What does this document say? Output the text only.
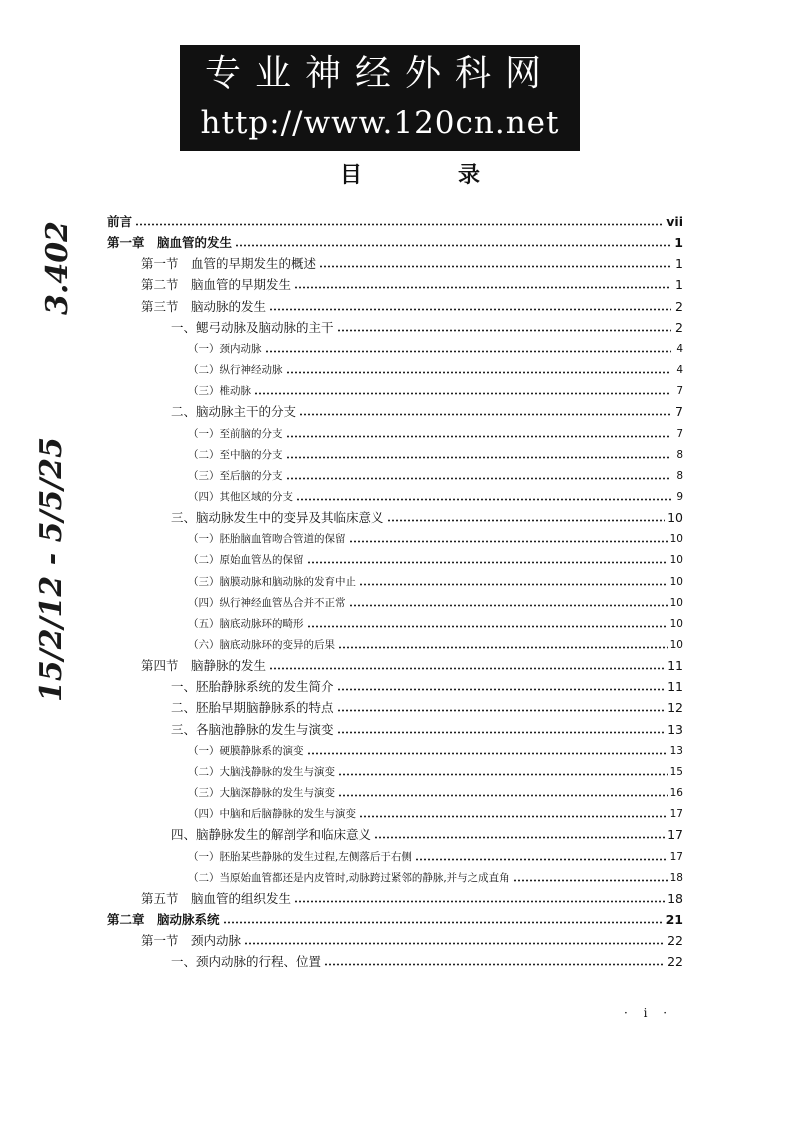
专业神经外科网
http://www.120cn.net
目	录
前言	vii
第一章　脑血管的发生	1
第一节　血管的早期发生的概述	1
第二节　脑血管的早期发生	1
第三节　脑动脉的发生	2
一、鳃弓动脉及脑动脉的主干	2
（一）颈内动脉	4
（二）纵行神经动脉	4
（三）椎动脉	7
二、脑动脉主干的分支	7
（一）至前脑的分支	7
（二）至中脑的分支	8
（三）至后脑的分支	8
（四）其他区域的分支	9
三、脑动脉发生中的变异及其临床意义	10
（一）胚胎脑血管吻合管道的保留	10
（二）原始血管丛的保留	10
（三）脑膜动脉和脑动脉的发育中止	10
（四）纵行神经血管丛合并不正常	10
（五）脑底动脉环的畸形	10
（六）脑底动脉环的变异的后果	10
第四节　脑静脉的发生	11
一、胚胎静脉系统的发生简介	11
二、胚胎早期脑静脉系的特点	12
三、各脑池静脉的发生与演变	13
（一）硬膜静脉系的演变	13
（二）大脑浅静脉的发生与演变	15
（三）大脑深静脉的发生与演变	16
（四）中脑和后脑静脉的发生与演变	17
四、脑静脉发生的解剖学和临床意义	17
（一）胚胎某些静脉的发生过程,左侧落后于右侧	17
（二）当原始血管都还是内皮管时,动脉跨过紧邻的静脉,并与之成直角	18
第五节　脑血管的组织发生	18
第二章　脑动脉系统	21
第一节　颈内动脉	22
一、颈内动脉的行程、位置	22
· i ·
3.402
15/2/12 - 5/5/25
